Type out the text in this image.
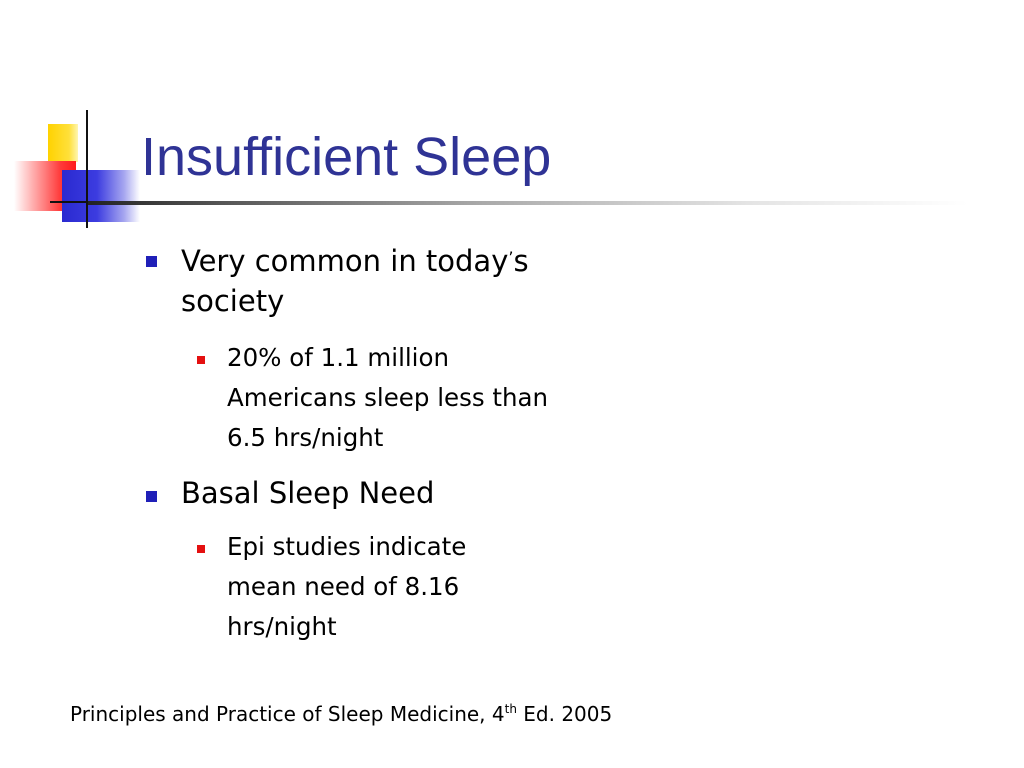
Insufficient Sleep
Very common in today’s society
20% of 1.1 million Americans sleep less than 6.5 hrs/night
Basal Sleep Need
Epi studies indicate mean need of 8.16 hrs/night
Principles and Practice of Sleep Medicine, 4th Ed. 2005
